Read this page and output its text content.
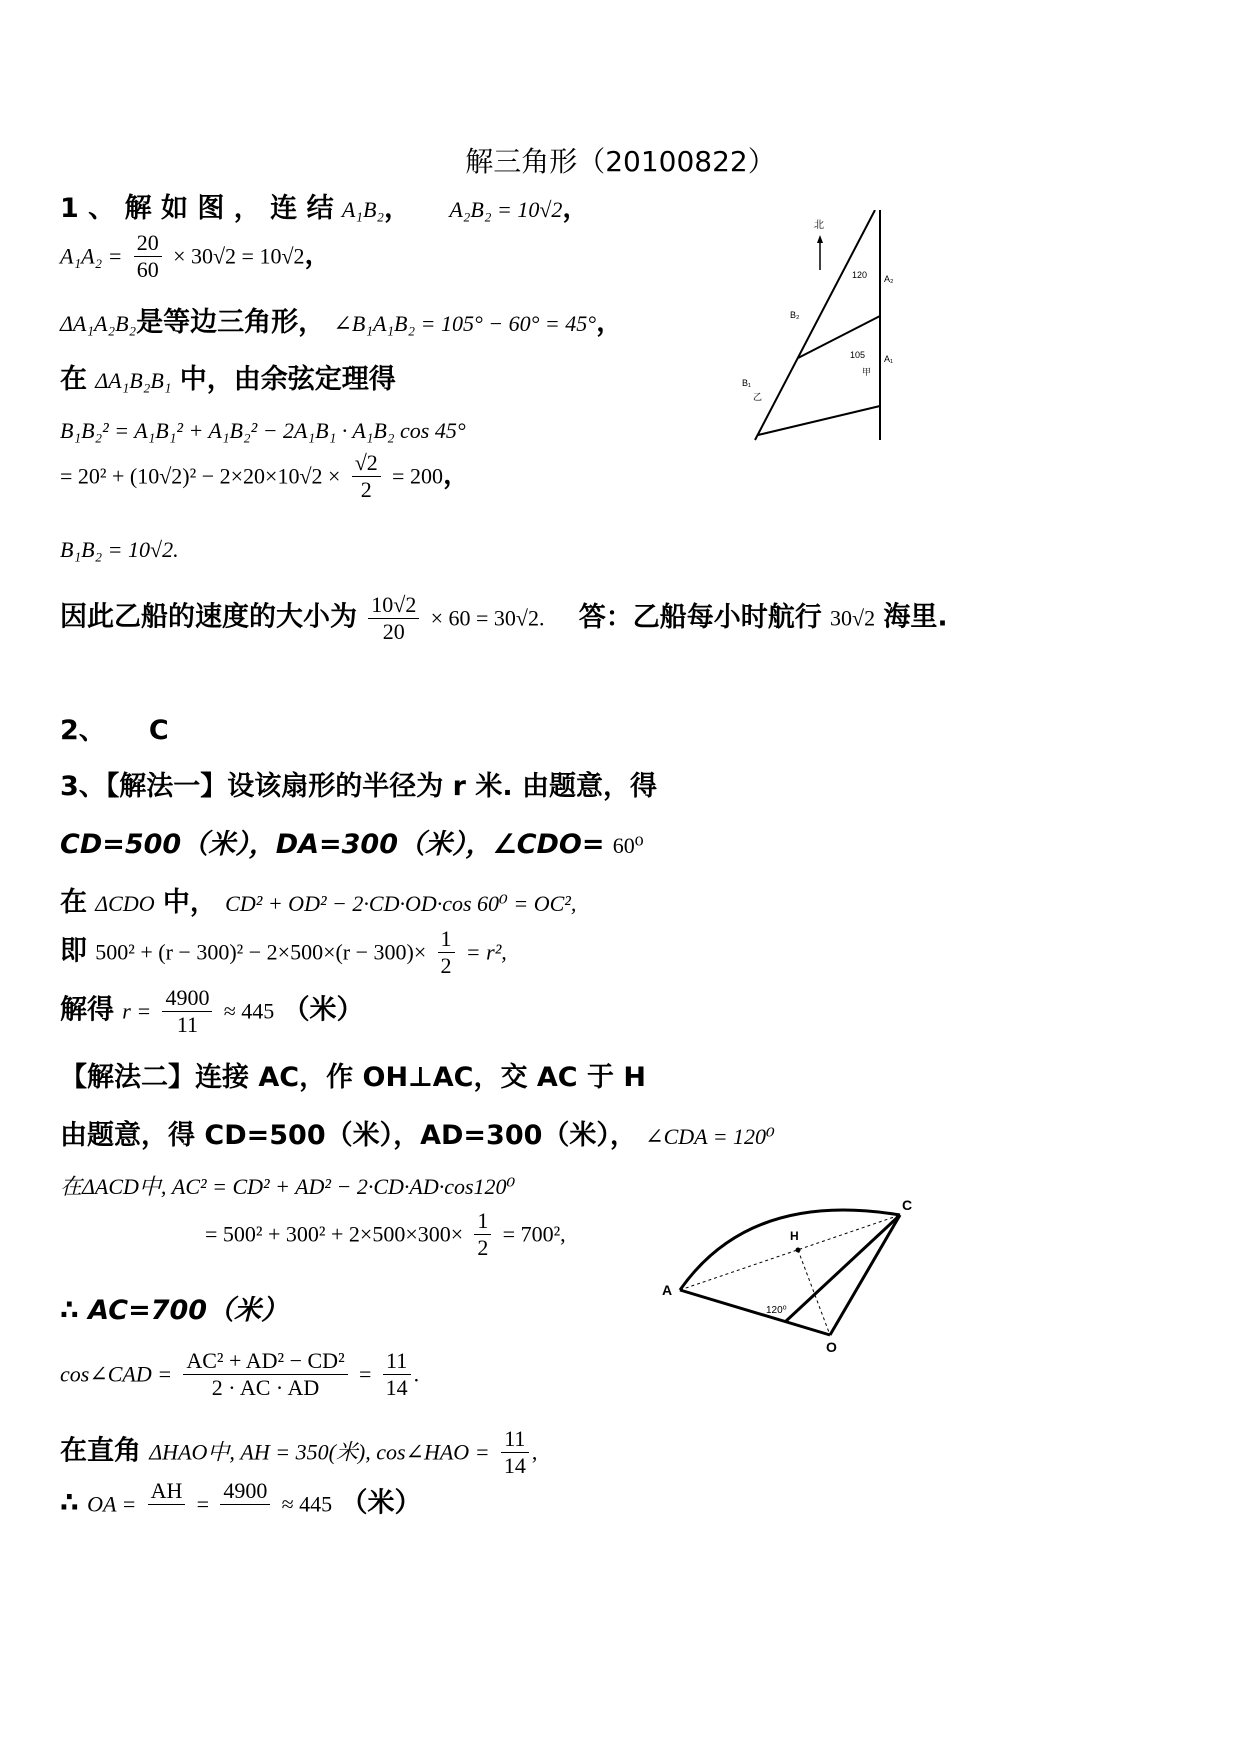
解三角形（20100822）
1 、 解 如 图 ， 连 结 A₁B₂， A₂B₂ = 10√2，
$A_1A_2 = \frac{20}{60} \times 30√2 = 10√2$，
ΔA₁A₂B₂是等边三角形， ∠B₁A₁B₂ = 105° − 60° = 45°，
在 ΔA₁B₂B₁ 中，由余弦定理得
B₁B₂² = A₁B₁² + A₁B₂² − 2A₁B₁ · A₁B₂ cos 45°
= $20^2 + (10√2)^2 - 2\times 20\times 10√2 \times \frac{√2}{2} = 200$，
B₁B₂ = 10√2.
因此乙船的速度的大小为 $\frac{10√2}{20} \times 60 = 30√2$. 答：乙船每小时航行 30√2 海里.
2、 C
3、【解法一】设该扇形的半径为 r 米. 由题意，得
CD=500（米），DA=300（米），∠CDO= 60⁰
在 ΔCDO 中， CD² + OD² − 2·CD·OD·cos 60⁰ = OC²,
即 $500^2 + (r - 300)^2 - 2\times 500\times(r - 300)\times \frac{1}{2} = r^2$,
解得 $r = \frac{4900}{11} \approx 445$ （米）
【解法二】连接 AC，作 OH⊥AC，交 AC 于 H
由题意，得 CD=500（米），AD=300（米）， ∠CDA = 120⁰
在ΔACD中, AC² = CD² + AD² − 2·CD·AD·cos120⁰
= $500^2 + 300^2 + 2\times 500\times 300\times \frac{1}{2} = 700^2$,
∴ AC=700（米）
cos∠CAD = $\frac{\text{AC² + AD² − CD²}}{2 \cdot AC \cdot AD} = \frac{11}{14}$ .
在直角 ΔHAO中, AH = 350(米), cos∠HAO = $\frac{11}{14}$ ,
∴ OA =
AH

=
4900

≈ 445 （米）
北
A₂
120
B₂
A₁
105
甲
B₁
乙
A
C
O
H
120⁰
